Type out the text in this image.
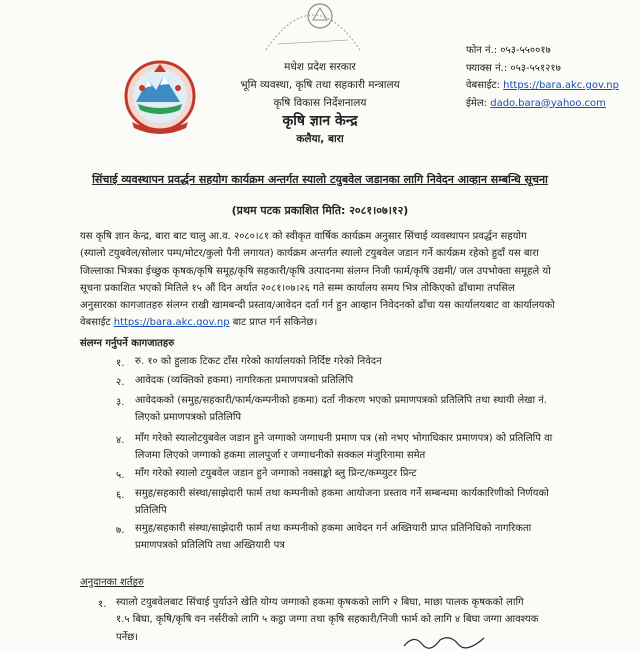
मधेश प्रदेश सरकार
भूमि व्यवस्था, कृषि तथा सहकारी मन्त्रालय
कृषि विकास निर्देशनालय
कृषि ज्ञान केन्द्र
कलैया, बारा
फोन नं.: ०५३-५५००१७
फ्याक्स नं.: ०५३-५५१२१७
वेबसाईट: https://bara.akc.gov.np
ईमेल: dado.bara@yahoo.com
सिंचाई व्यवस्थापन प्रवर्द्धन सहयोग कार्यक्रम अन्तर्गत स्यालो टयुबवेल जडानका लागि निवेदन आव्हान सम्बन्धि सूचना
(प्रथम पटक प्रकाशित मिति: २०८१।०७।१२)
यस कृषि ज्ञान केन्द्र, बारा बाट चालु आ.व. २०८०।८१ को स्वीकृत वार्षिक कार्यक्रम अनुसार सिंचाई व्यवस्थापन प्रवर्द्धन सहयोग
(स्यालो टयुबवेल/सोलार पम्प/मोटर/कुलो पैनी लगायत) कार्यक्रम अन्तर्गत स्यालो टयुबवेल जडान गर्ने कार्यक्रम रहेको हुदाँ यस बारा
जिल्लाका भित्रका ईच्छुक कृषक/कृषि समूह/कृषि सहकारी/कृषि उत्पादनमा संलग्न निजी फार्म/कृषि उद्यमी/ जल उपभोक्ता समूहले यो
सूचना प्रकाशित भएको मितिले १५ औं दिन अर्थात २०८१।०७।२६ गते सम्म कार्यालय समय भित्र तोकिएको ढाँचामा तपसिल
अनुसारका कागजातहरु संलग्न राखी खामबन्दी प्रस्ताव/आवेदन दर्ता गर्न हुन आव्हान निवेदनको ढाँचा यस कार्यालयबाट वा कार्यालयको
वेबसाईट https://bara.akc.gov.np बाट प्राप्त गर्न सकिनेछ।
संलग्न गर्नुपर्ने कागजातहरु
१. रु. १० को हुलाक टिकट टाँस गरेको कार्यालयको निर्दिष्ट गरेको निवेदन
२. आवेदक (व्यक्तिको हकमा) नागरिकता प्रमाणपत्रको प्रतिलिपि
३. आवेदकको (समुह/सहकारी/फार्म/कम्पनीको हकमा) दर्ता नीकरण भएको प्रमाणपत्रको प्रतिलिपि तथा स्थायी लेखा नं.
लिएको प्रमाणपत्रको प्रतिलिपि
४. माँग गरेको स्यालोटयुबवेल जडान हुने जग्गाको जग्गाधनी प्रमाण पत्र (सो नभए भोगाधिकार प्रमाणपत्र) को प्रतिलिपि वा
लिजमा लिएको जग्गाको हकमा लालपुर्जा र जग्गाधनीको सक्कल मंजुरिनामा समेत
५. माँग गरेको स्यालो टयुबवेल जडान हुने जग्गाको नक्साङ्को ब्लु प्रिन्ट/कम्प्युटर प्रिन्ट
६. समुह/सहकारी संस्था/साझेदारी फार्म तथा कम्पनीको हकमा आयोजना प्रस्ताव गर्ने सम्बन्धमा कार्यकारिणीको निर्णयको
प्रतिलिपि
७. समुह/सहकारी संस्था/साझेदारी फार्म तथा कम्पनीको हकमा आवेदन गर्न अख्तियारी प्राप्त प्रतिनिधिको नागरिकता
प्रमाणपत्रको प्रतिलिपि तथा अख्तियारी पत्र
अनुदानका शर्तहरु
१. स्यालो टयुबवेलबाट सिंचाई पुर्याउने खेति योग्य जग्गाको हकमा कृषकको लागि २ बिघा, माछा पालक कृषकको लागि
१.५ बिघा, कृषि/कृषि वन नर्सरीको लागि ५ कट्ठा जग्गा तथा कृषि सहकारी/निजी फार्म को लागि ४ बिघा जग्गा आवश्यक
पर्नेछ।
